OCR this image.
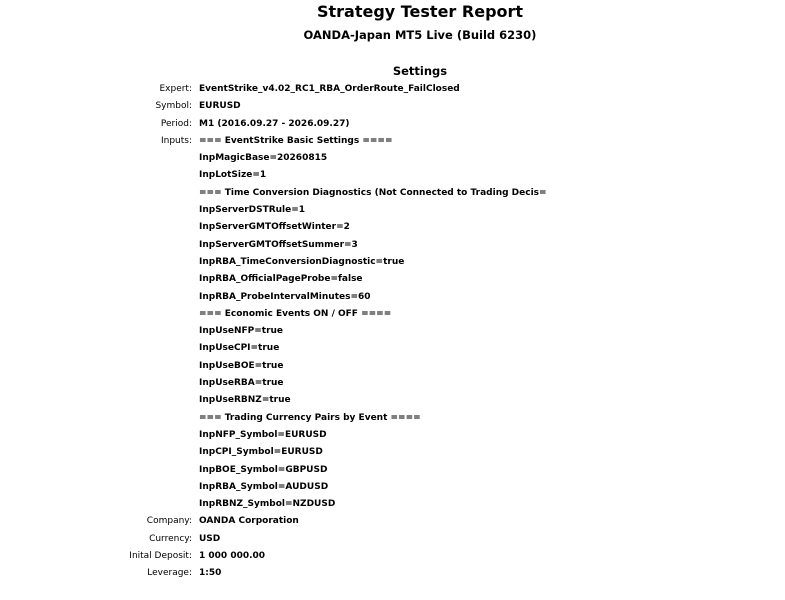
Strategy Tester Report
OANDA-Japan MT5 Live (Build 6230)
Settings
Expert: EventStrike_v4.02_RC1_RBA_OrderRoute_FailClosed
Symbol: EURUSD
Period: M1 (2016.09.27 - 2026.09.27)
Inputs: === EventStrike Basic Settings ====
InpMagicBase=20260815
InpLotSize=1
=== Time Conversion Diagnostics (Not Connected to Trading Decis=
InpServerDSTRule=1
InpServerGMTOffsetWinter=2
InpServerGMTOffsetSummer=3
InpRBA_TimeConversionDiagnostic=true
InpRBA_OfficialPageProbe=false
InpRBA_ProbeIntervalMinutes=60
=== Economic Events ON / OFF ====
InpUseNFP=true
InpUseCPI=true
InpUseBOE=true
InpUseRBA=true
InpUseRBNZ=true
=== Trading Currency Pairs by Event ====
InpNFP_Symbol=EURUSD
InpCPI_Symbol=EURUSD
InpBOE_Symbol=GBPUSD
InpRBA_Symbol=AUDUSD
InpRBNZ_Symbol=NZDUSD
Company: OANDA Corporation
Currency: USD
Inital Deposit: 1 000 000.00
Leverage: 1:50
